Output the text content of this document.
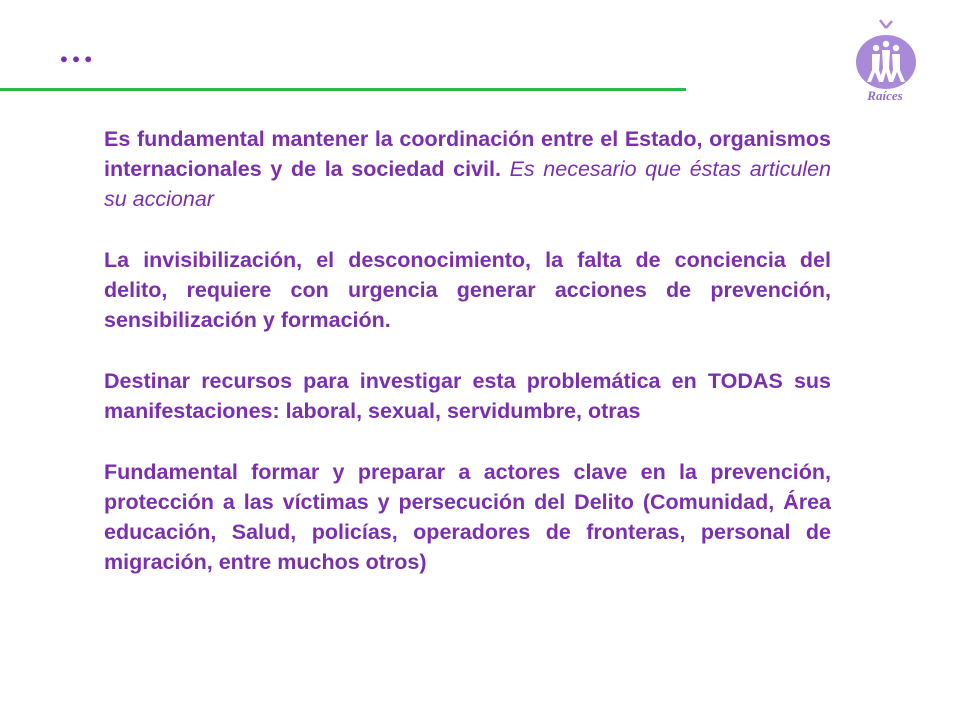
…
Raíces

Es fundamental mantener la coordinación entre el Estado, organismos internacionales y de la sociedad civil. Es necesario que éstas articulen su accionar

La invisibilización, el desconocimiento, la falta de conciencia del delito, requiere con urgencia generar acciones de prevención, sensibilización y formación.

Destinar recursos para investigar esta problemática en TODAS sus manifestaciones: laboral, sexual, servidumbre, otras

Fundamental formar y preparar a actores clave en la prevención, protección a las víctimas y persecución del Delito (Comunidad, Área educación, Salud, policías, operadores de fronteras, personal de migración, entre muchos otros)
